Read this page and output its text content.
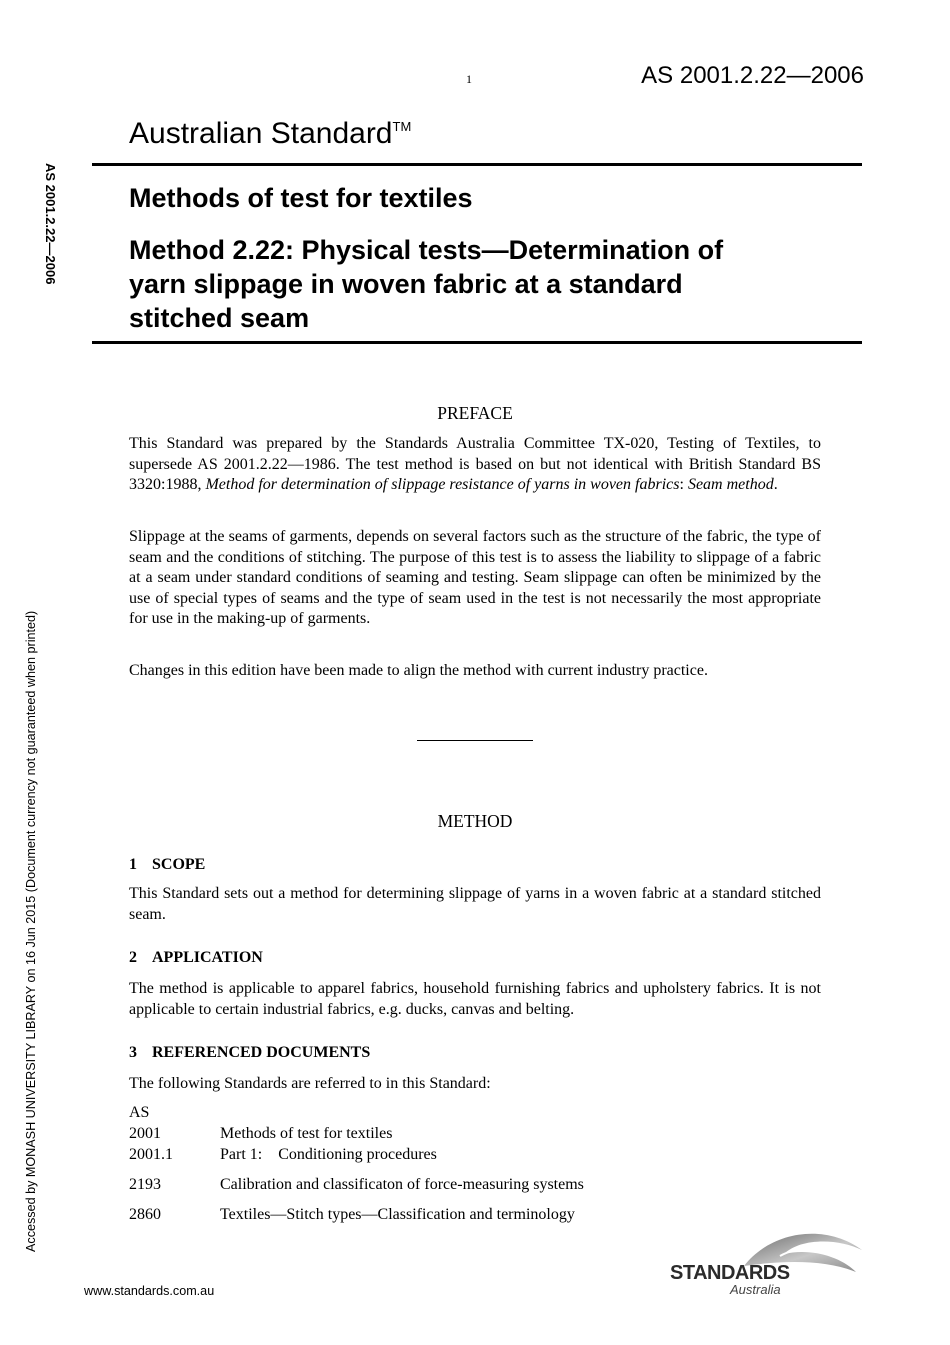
1	AS 2001.2.22—2006
Australian Standard™
Methods of test for textiles
Method 2.22: Physical tests—Determination of
yarn slippage in woven fabric at a standard
stitched seam
AS 2001.2.22—2006
Accessed by MONASH UNIVERSITY LIBRARY on 16 Jun 2015 (Document currency not guaranteed when printed)
PREFACE
This Standard was prepared by the Standards Australia Committee TX-020, Testing of Textiles, to supersede AS 2001.2.22—1986. The test method is based on but not identical with British Standard BS 3320:1988, Method for determination of slippage resistance of yarns in woven fabrics: Seam method.
Slippage at the seams of garments, depends on several factors such as the structure of the fabric, the type of seam and the conditions of stitching. The purpose of this test is to assess the liability to slippage of a fabric at a seam under standard conditions of seaming and testing. Seam slippage can often be minimized by the use of special types of seams and the type of seam used in the test is not necessarily the most appropriate for use in the making-up of garments.
Changes in this edition have been made to align the method with current industry practice.
METHOD
1 SCOPE
This Standard sets out a method for determining slippage of yarns in a woven fabric at a standard stitched seam.
2 APPLICATION
The method is applicable to apparel fabrics, household furnishing fabrics and upholstery fabrics. It is not applicable to certain industrial fabrics, e.g. ducks, canvas and belting.
3 REFERENCED DOCUMENTS
The following Standards are referred to in this Standard:
AS
2001	Methods of test for textiles
2001.1	Part 1:    Conditioning procedures
2193	Calibration and classificaton of force-measuring systems
2860	Textiles—Stitch types—Classification and terminology
www.standards.com.au
STANDARDS
Australia
